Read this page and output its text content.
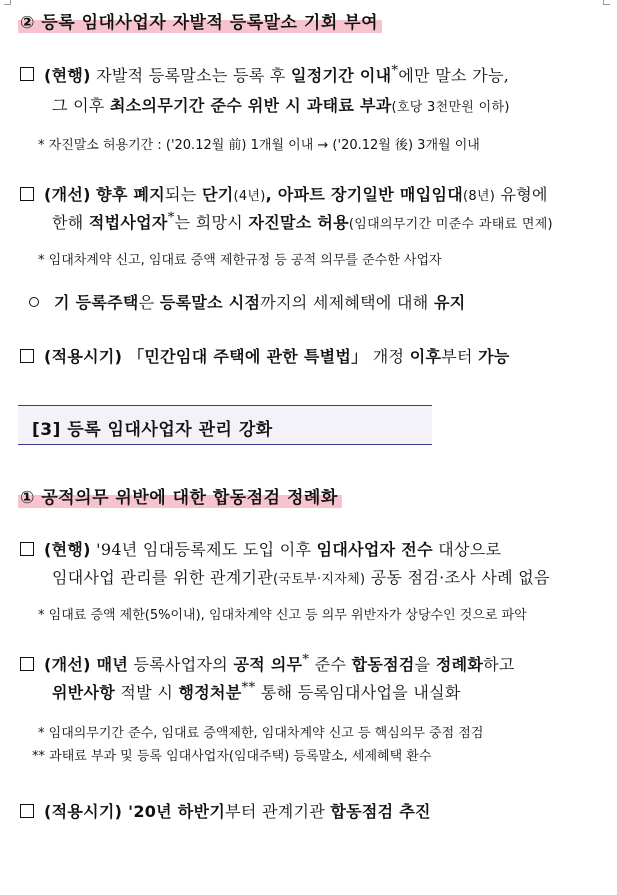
② 등록 임대사업자 자발적 등록말소 기회 부여
(현행) 자발적 등록말소는 등록 후 일정기간 이내*에만 말소 가능,
그 이후 최소의무기간 준수 위반 시 과태료 부과(호당 3천만원 이하)
* 자진말소 허용기간 : ('20.12월 前) 1개월 이내 → ('20.12월 後) 3개월 이내
(개선) 향후 폐지되는 단기(4년), 아파트 장기일반 매입임대(8년) 유형에
한해 적법사업자*는 희망시 자진말소 허용(임대의무기간 미준수 과태료 면제)
* 임대차계약 신고, 임대료 증액 제한규정 등 공적 의무를 준수한 사업자
기 등록주택은 등록말소 시점까지의 세제혜택에 대해 유지
(적용시기) 「민간임대 주택에 관한 특별법」 개정 이후부터 가능
[3] 등록 임대사업자 관리 강화
① 공적의무 위반에 대한 합동점검 정례화
(현행) '94년 임대등록제도 도입 이후 임대사업자 전수 대상으로
임대사업 관리를 위한 관계기관(국토부·지자체) 공동 점검·조사 사례 없음
* 임대료 증액 제한(5%이내), 임대차계약 신고 등 의무 위반자가 상당수인 것으로 파악
(개선) 매년 등록사업자의 공적 의무* 준수 합동점검을 정례화하고
위반사항 적발 시 행정처분** 통해 등록임대사업을 내실화
* 임대의무기간 준수, 임대료 증액제한, 임대차계약 신고 등 핵심의무 중점 점검
** 과태료 부과 및 등록 임대사업자(임대주택) 등록말소, 세제혜택 환수
(적용시기) '20년 하반기부터 관계기관 합동점검 추진
